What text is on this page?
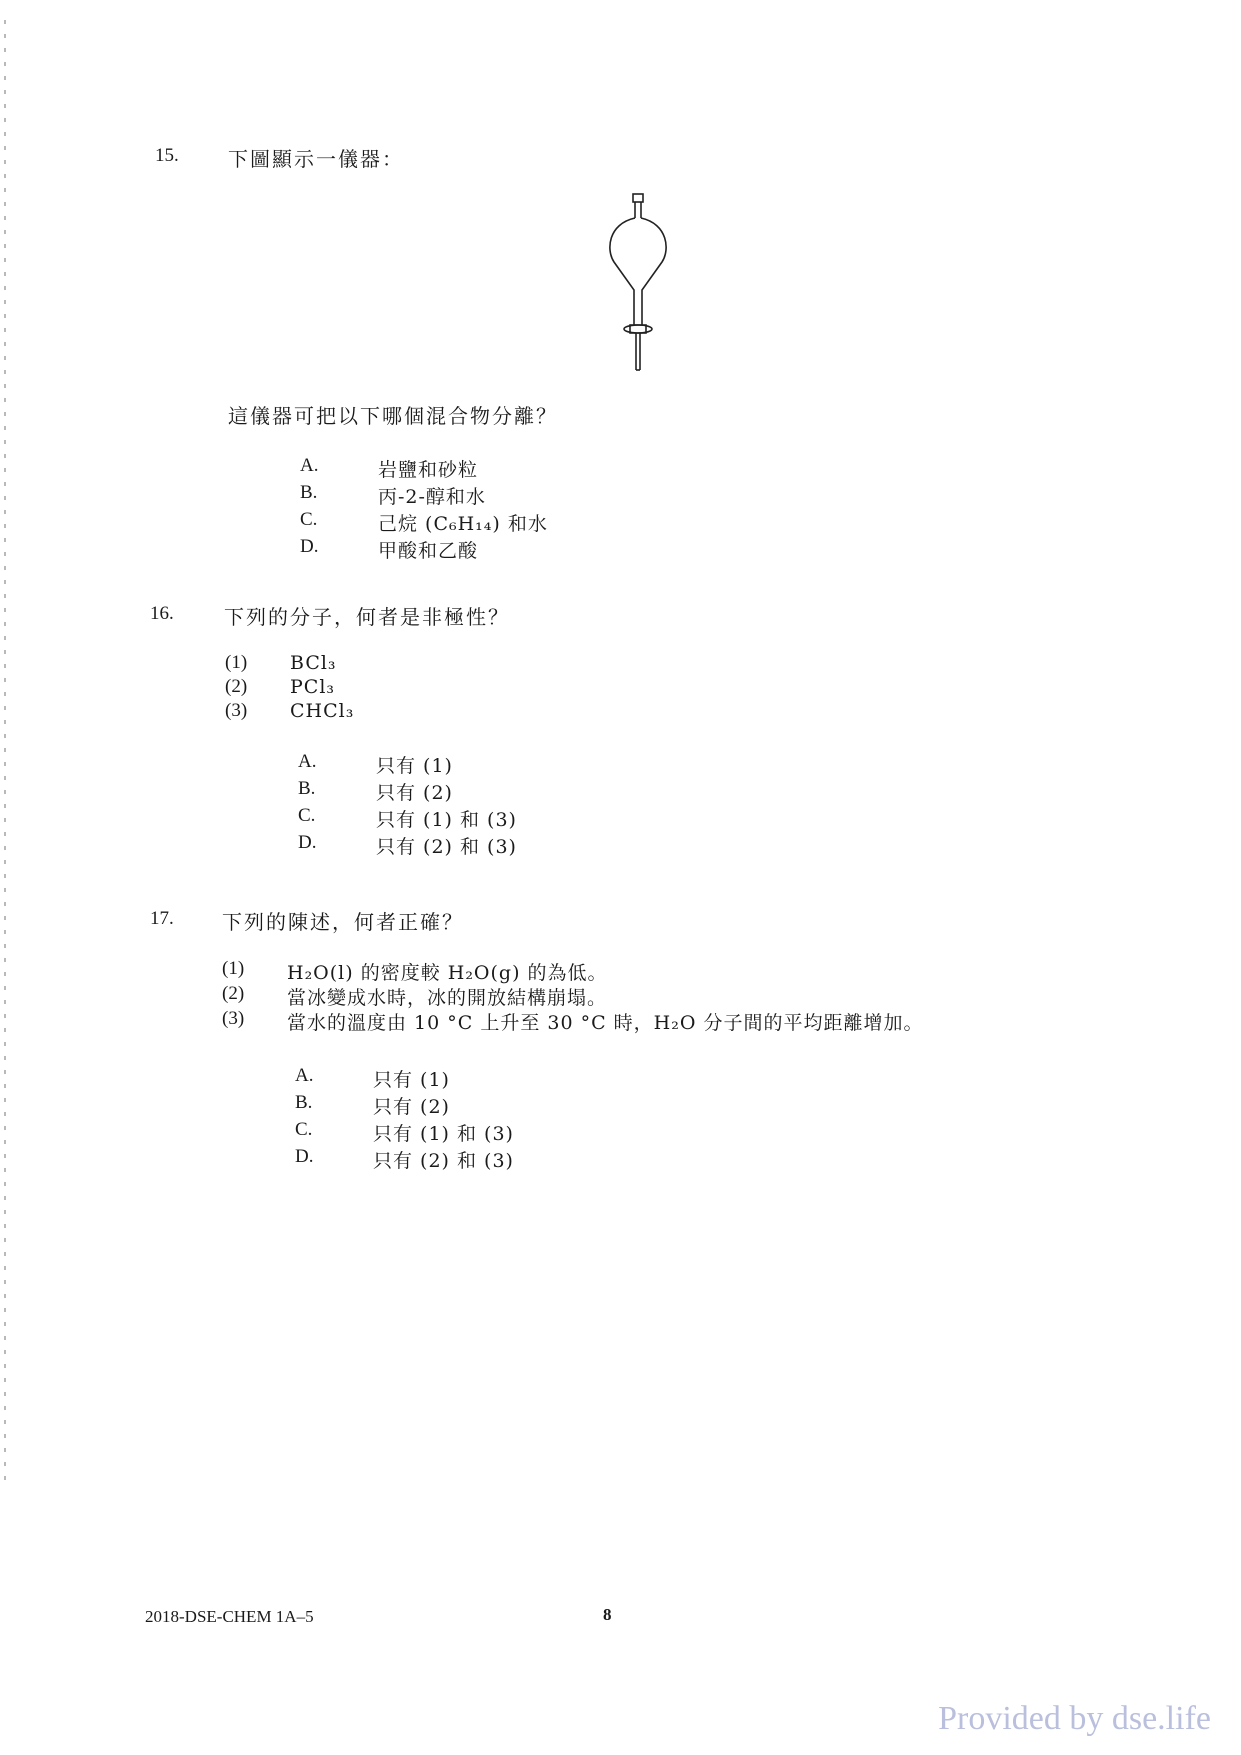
15. 下圖顯示一儀器：
這儀器可把以下哪個混合物分離？
A.	岩鹽和砂粒
B.	丙-2-醇和水
C.	己烷 (C₆H₁₄) 和水
D.	甲酸和乙酸
16.	下列的分子，何者是非極性？
(1)	BCl₃
(2)	PCl₃
(3)	CHCl₃
A.	只有 (1)
B.	只有 (2)
C.	只有 (1) 和 (3)
D.	只有 (2) 和 (3)
17. 下列的陳述，何者正確？
(1)	H₂O(l) 的密度較 H₂O(g) 的為低。
(2)	當冰變成水時，冰的開放結構崩塌。
(3)	當水的溫度由 10 °C 上升至 30 °C 時，H₂O 分子間的平均距離增加。
A.	只有 (1)
B.	只有 (2)
C.	只有 (1) 和 (3)
D.	只有 (2) 和 (3)
2018-DSE-CHEM 1A–5	8
Provided by dse.life
